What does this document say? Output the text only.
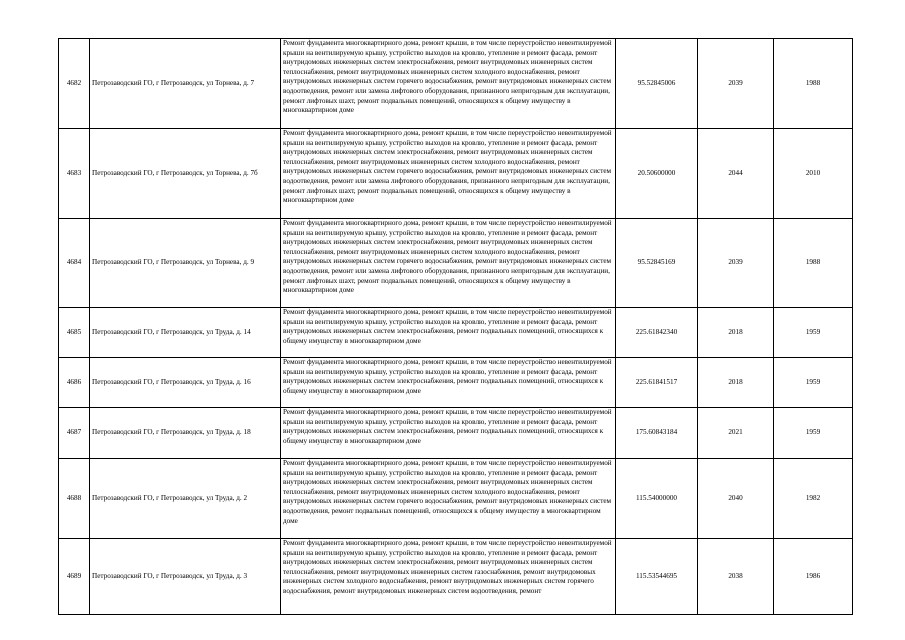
4682	Петрозаводский ГО, г Петрозаводск, ул Торнева, д. 7	Ремонт фундамента многоквартирного дома, ремонт крыши, в том числе переустройство невентилируемой крыши на вентилируемую крышу, устройство выходов на кровлю, утепление и ремонт фасада, ремонт внутридомовых инженерных систем электроснабжения, ремонт внутридомовых инженерных систем теплоснабжения, ремонт внутридомовых инженерных систем холодного водоснабжения, ремонт внутридомовых инженерных систем горячего водоснабжения, ремонт внутридомовых инженерных систем водоотведения, ремонт или замена лифтового оборудования, признанного непригодным для эксплуатации, ремонт лифтовых шахт, ремонт подвальных помещений, относящихся к общему имуществу в многоквартирном доме	95.52845006	2039	1988
4683	Петрозаводский ГО, г Петрозаводск, ул Торнева, д. 7б	Ремонт фундамента многоквартирного дома, ремонт крыши, в том числе переустройство невентилируемой крыши на вентилируемую крышу, устройство выходов на кровлю, утепление и ремонт фасада, ремонт внутридомовых инженерных систем электроснабжения, ремонт внутридомовых инженерных систем теплоснабжения, ремонт внутридомовых инженерных систем холодного водоснабжения, ремонт внутридомовых инженерных систем горячего водоснабжения, ремонт внутридомовых инженерных систем водоотведения, ремонт или замена лифтового оборудования, признанного непригодным для эксплуатации, ремонт лифтовых шахт, ремонт подвальных помещений, относящихся к общему имуществу в многоквартирном доме	20.50600000	2044	2010
4684	Петрозаводский ГО, г Петрозаводск, ул Торнева, д. 9	Ремонт фундамента многоквартирного дома, ремонт крыши, в том числе переустройство невентилируемой крыши на вентилируемую крышу, устройство выходов на кровлю, утепление и ремонт фасада, ремонт внутридомовых инженерных систем электроснабжения, ремонт внутридомовых инженерных систем теплоснабжения, ремонт внутридомовых инженерных систем холодного водоснабжения, ремонт внутридомовых инженерных систем горячего водоснабжения, ремонт внутридомовых инженерных систем водоотведения, ремонт или замена лифтового оборудования, признанного непригодным для эксплуатации, ремонт лифтовых шахт, ремонт подвальных помещений, относящихся к общему имуществу в многоквартирном доме	95.52845169	2039	1988
4685	Петрозаводский ГО, г Петрозаводск, ул Труда, д. 14	Ремонт фундамента многоквартирного дома, ремонт крыши, в том числе переустройство невентилируемой крыши на вентилируемую крышу, устройство выходов на кровлю, утепление и ремонт фасада, ремонт внутридомовых инженерных систем электроснабжения, ремонт подвальных помещений, относящихся к общему имуществу в многоквартирном доме	225.61842340	2018	1959
4686	Петрозаводский ГО, г Петрозаводск, ул Труда, д. 16	Ремонт фундамента многоквартирного дома, ремонт крыши, в том числе переустройство невентилируемой крыши на вентилируемую крышу, устройство выходов на кровлю, утепление и ремонт фасада, ремонт внутридомовых инженерных систем электроснабжения, ремонт подвальных помещений, относящихся к общему имуществу в многоквартирном доме	225.61841517	2018	1959
4687	Петрозаводский ГО, г Петрозаводск, ул Труда, д. 18	Ремонт фундамента многоквартирного дома, ремонт крыши, в том числе переустройство невентилируемой крыши на вентилируемую крышу, устройство выходов на кровлю, утепление и ремонт фасада, ремонт внутридомовых инженерных систем электроснабжения, ремонт подвальных помещений, относящихся к общему имуществу в многоквартирном доме	175.60843184	2021	1959
4688	Петрозаводский ГО, г Петрозаводск, ул Труда, д. 2	Ремонт фундамента многоквартирного дома, ремонт крыши, в том числе переустройство невентилируемой крыши на вентилируемую крышу, устройство выходов на кровлю, утепление и ремонт фасада, ремонт внутридомовых инженерных систем электроснабжения, ремонт внутридомовых инженерных систем теплоснабжения, ремонт внутридомовых инженерных систем холодного водоснабжения, ремонт внутридомовых инженерных систем горячего водоснабжения, ремонт внутридомовых инженерных систем водоотведения, ремонт подвальных помещений, относящихся к общему имуществу в многоквартирном доме	115.54000000	2040	1982
4689	Петрозаводский ГО, г Петрозаводск, ул Труда, д. 3	Ремонт фундамента многоквартирного дома, ремонт крыши, в том числе переустройство невентилируемой крыши на вентилируемую крышу, устройство выходов на кровлю, утепление и ремонт фасада, ремонт внутридомовых инженерных систем электроснабжения, ремонт внутридомовых инженерных систем теплоснабжения, ремонт внутридомовых инженерных систем газоснабжения, ремонт внутридомовых инженерных систем холодного водоснабжения, ремонт внутридомовых инженерных систем горячего водоснабжения, ремонт внутридомовых инженерных систем водоотведения, ремонт	115.53544695	2038	1986
